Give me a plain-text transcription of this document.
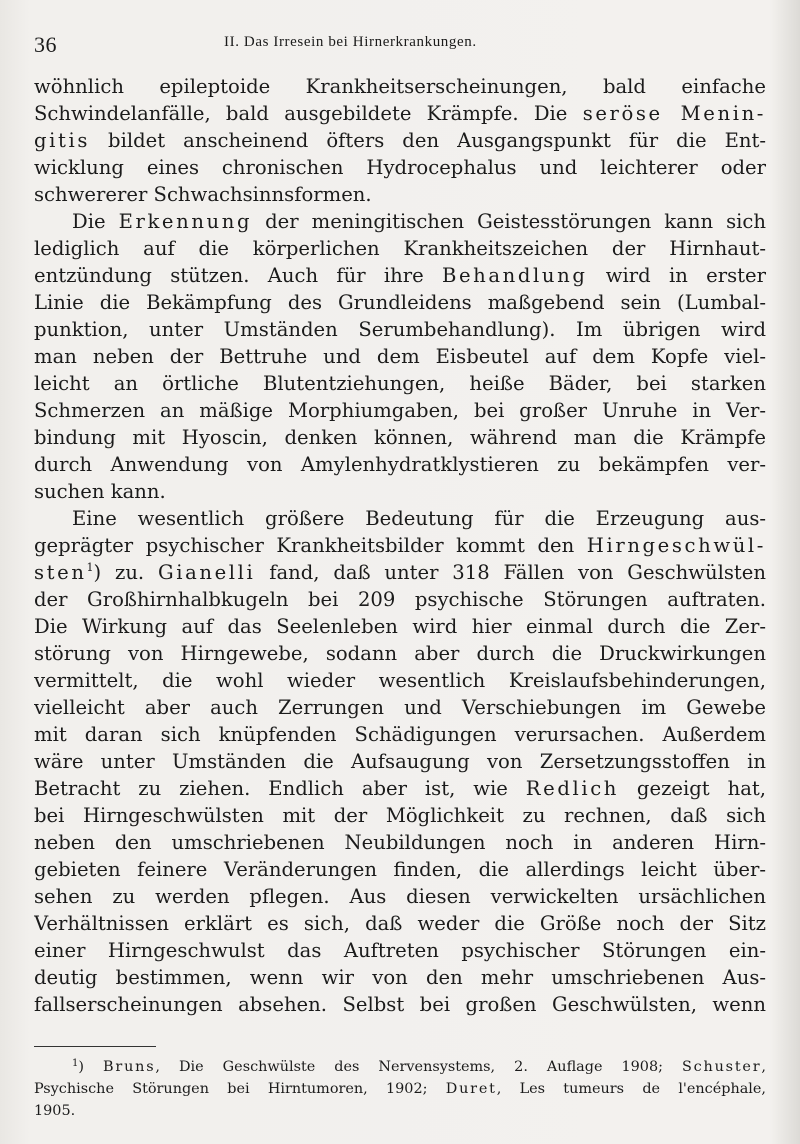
36	II. Das Irresein bei Hirnerkrankungen.
wöhnlich epileptoide Krankheitserscheinungen, bald einfache
Schwindelanfälle, bald ausgebildete Krämpfe. Die seröse Menin-
gitis bildet anscheinend öfters den Ausgangspunkt für die Ent-
wicklung eines chronischen Hydrocephalus und leichterer oder
schwererer Schwachsinnsformen.
Die Erkennung der meningitischen Geistesstörungen kann sich
lediglich auf die körperlichen Krankheitszeichen der Hirnhaut-
entzündung stützen. Auch für ihre Behandlung wird in erster
Linie die Bekämpfung des Grundleidens maßgebend sein (Lumbal-
punktion, unter Umständen Serumbehandlung). Im übrigen wird
man neben der Bettruhe und dem Eisbeutel auf dem Kopfe viel-
leicht an örtliche Blutentziehungen, heiße Bäder, bei starken
Schmerzen an mäßige Morphiumgaben, bei großer Unruhe in Ver-
bindung mit Hyoscin, denken können, während man die Krämpfe
durch Anwendung von Amylenhydratklystieren zu bekämpfen ver-
suchen kann.
Eine wesentlich größere Bedeutung für die Erzeugung aus-
geprägter psychischer Krankheitsbilder kommt den Hirngeschwül-
sten$^1$) zu. Gianelli fand, daß unter 318 Fällen von Geschwülsten
der Großhirnhalbkugeln bei 209 psychische Störungen auftraten.
Die Wirkung auf das Seelenleben wird hier einmal durch die Zer-
störung von Hirngewebe, sodann aber durch die Druckwirkungen
vermittelt, die wohl wieder wesentlich Kreislaufsbehinderungen,
vielleicht aber auch Zerrungen und Verschiebungen im Gewebe
mit daran sich knüpfenden Schädigungen verursachen. Außerdem
wäre unter Umständen die Aufsaugung von Zersetzungsstoffen in
Betracht zu ziehen. Endlich aber ist, wie Redlich gezeigt hat,
bei Hirngeschwülsten mit der Möglichkeit zu rechnen, daß sich
neben den umschriebenen Neubildungen noch in anderen Hirn-
gebieten feinere Veränderungen finden, die allerdings leicht über-
sehen zu werden pflegen. Aus diesen verwickelten ursächlichen
Verhältnissen erklärt es sich, daß weder die Größe noch der Sitz
einer Hirngeschwulst das Auftreten psychischer Störungen ein-
deutig bestimmen, wenn wir von den mehr umschriebenen Aus-
fallserscheinungen absehen. Selbst bei großen Geschwülsten, wenn
$^1$) Bruns, Die Geschwülste des Nervensystems, 2. Auflage 1908; Schuster,
Psychische Störungen bei Hirntumoren, 1902; Duret, Les tumeurs de l'encéphale,
1905.
